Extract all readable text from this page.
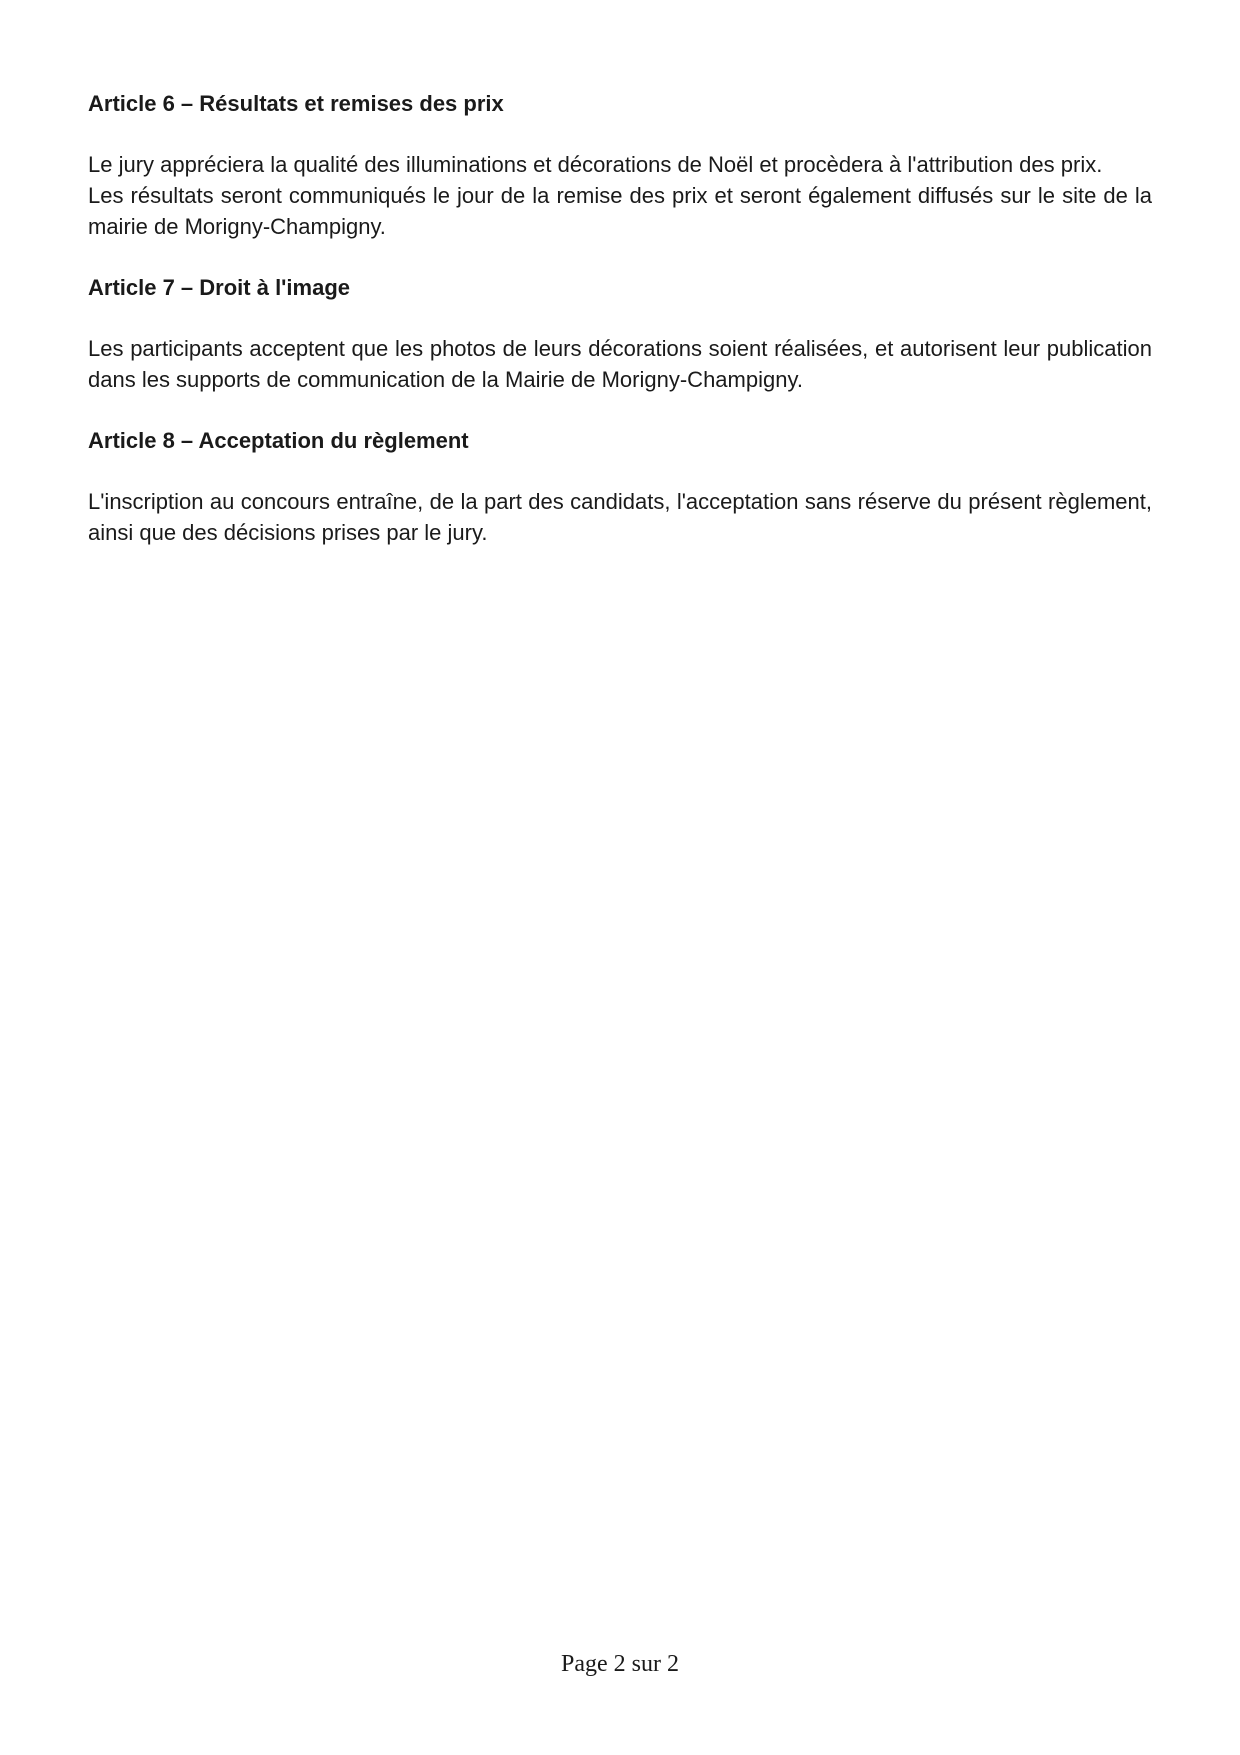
Article 6 – Résultats et remises des prix

Le jury appréciera la qualité des illuminations et décorations de Noël et procèdera à l'attribution des prix.

Les résultats seront communiqués le jour de la remise des prix et seront également diffusés sur le site de la mairie de Morigny-Champigny.

Article 7 – Droit à l'image

Les participants acceptent que les photos de leurs décorations soient réalisées, et autorisent leur publication dans les supports de communication de la Mairie de Morigny-Champigny.

Article 8 – Acceptation du règlement

L'inscription au concours entraîne, de la part des candidats, l'acceptation sans réserve du présent règlement, ainsi que des décisions prises par le jury.

Page 2 sur 2
